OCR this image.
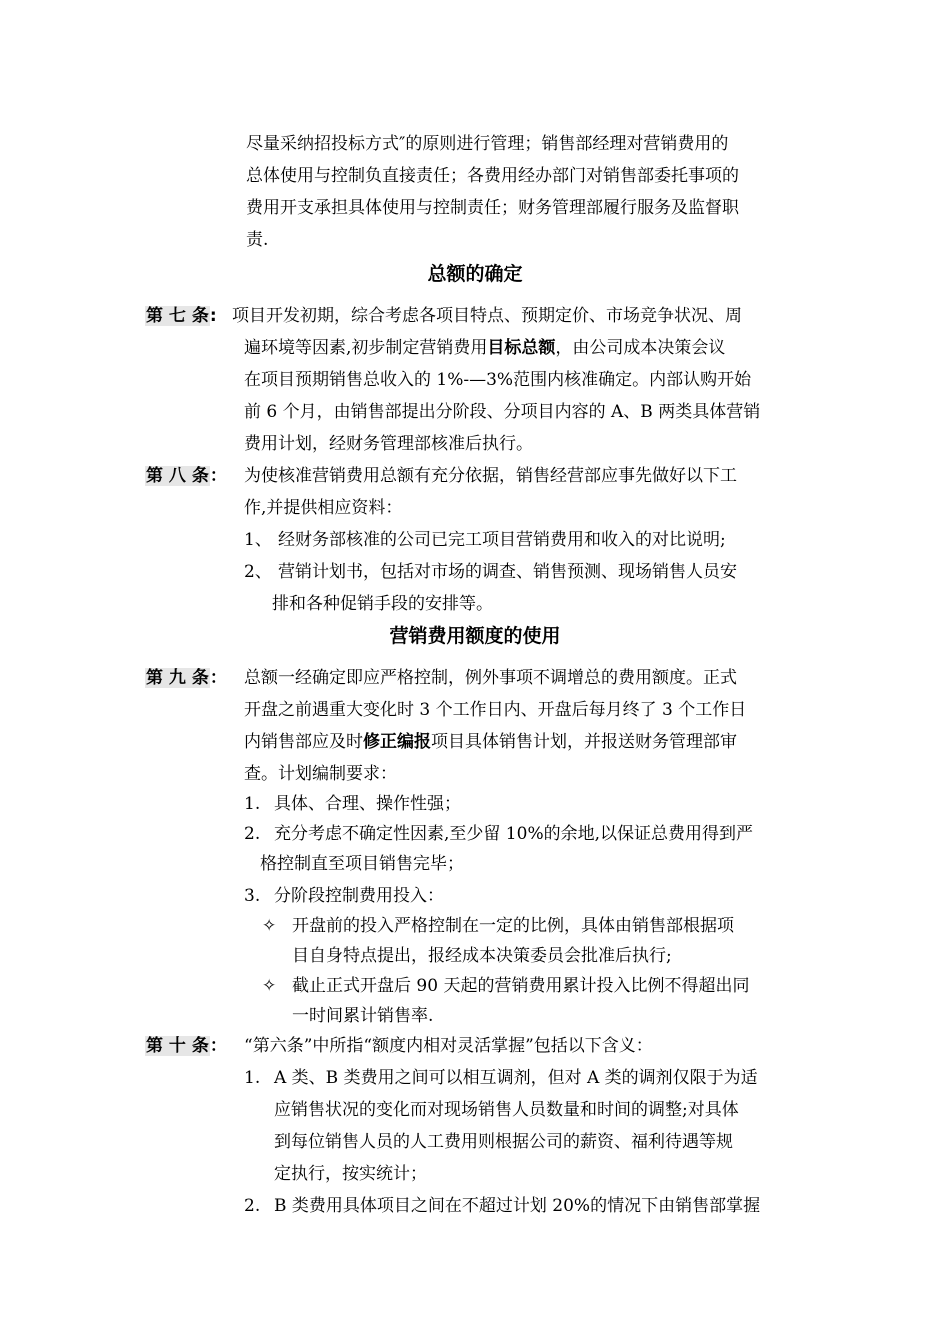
尽量采纳招投标方式″的原则进行管理；销售部经理对营销费用的
总体使用与控制负直接责任；各费用经办部门对销售部委托事项的
费用开支承担具体使用与控制责任；财务管理部履行服务及监督职
责.
总额的确定
第 七 条: 项目开发初期，综合考虑各项目特点、预期定价、市场竞争状况、周
遍环境等因素,初步制定营销费用目标总额，由公司成本决策会议
在项目预期销售总收入的 1%-—3%范围内核准确定。内部认购开始
前 6 个月，由销售部提出分阶段、分项目内容的 A、B 两类具体营销
费用计划，经财务管理部核准后执行。
第 八 条： 为使核准营销费用总额有充分依据，销售经营部应事先做好以下工
作,并提供相应资料：
1、 经财务部核准的公司已完工项目营销费用和收入的对比说明;
2、 营销计划书，包括对市场的调查、销售预测、现场销售人员安
排和各种促销手段的安排等。
营销费用额度的使用
第 九 条： 总额一经确定即应严格控制，例外事项不调增总的费用额度。正式
开盘之前遇重大变化时 3 个工作日内、开盘后每月终了 3 个工作日
内销售部应及时修正编报项目具体销售计划，并报送财务管理部审
查。计划编制要求：
1. 具体、合理、操作性强；
2. 充分考虑不确定性因素,至少留 10%的余地,以保证总费用得到严
格控制直至项目销售完毕；
3. 分阶段控制费用投入：
✧ 开盘前的投入严格控制在一定的比例，具体由销售部根据项
目自身特点提出，报经成本决策委员会批准后执行;
✧ 截止正式开盘后 90 天起的营销费用累计投入比例不得超出同
一时间累计销售率.
第 十 条： “第六条”中所指“额度内相对灵活掌握”包括以下含义：
1. A 类、B 类费用之间可以相互调剂，但对 A 类的调剂仅限于为适
应销售状况的变化而对现场销售人员数量和时间的调整;对具体
到每位销售人员的人工费用则根据公司的薪资、福利待遇等规
定执行，按实统计；
2. B 类费用具体项目之间在不超过计划 20%的情况下由销售部掌握
